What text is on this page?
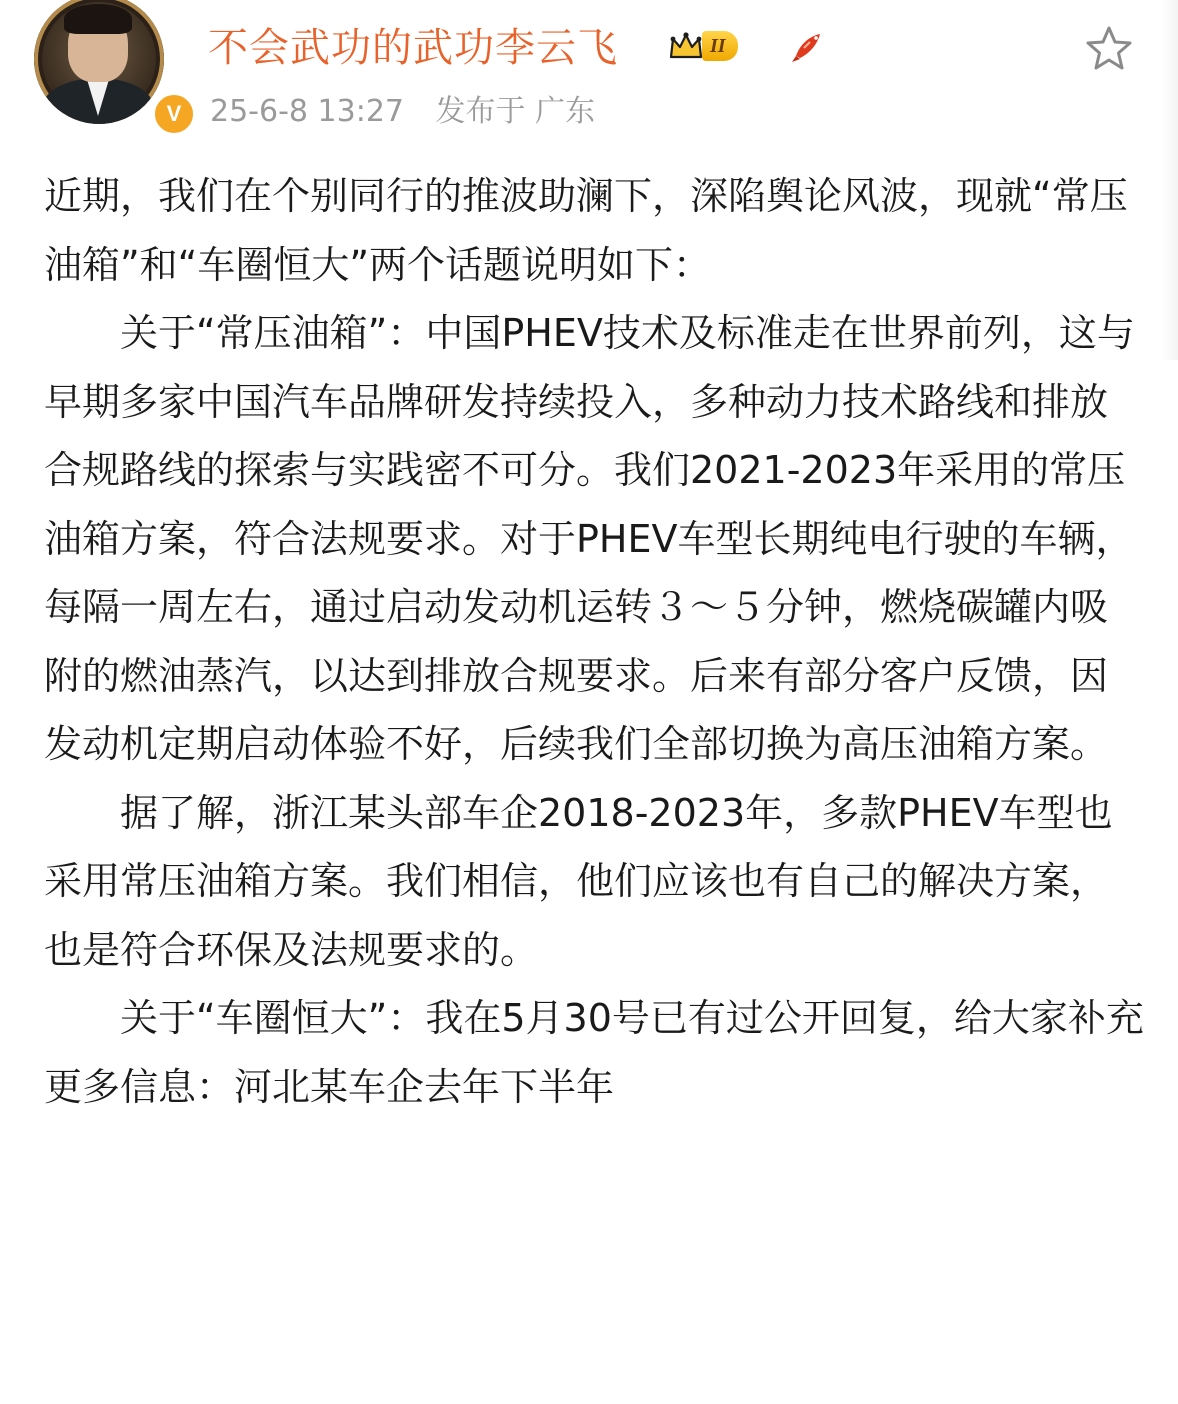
V
不会武功的武功李云飞	II
25-6-8 13:27 发布于 广东

近期，我们在个别同行的推波助澜下，深陷舆论风波，现就“常压油箱”和“车圈恒大”两个话题说明如下：

关于“常压油箱”：中国PHEV技术及标准走在世界前列，这与早期多家中国汽车品牌研发持续投入，多种动力技术路线和排放合规路线的探索与实践密不可分。我们2021-2023年采用的常压油箱方案，符合法规要求。对于PHEV车型长期纯电行驶的车辆，每隔一周左右，通过启动发动机运转３～５分钟，燃烧碳罐内吸附的燃油蒸汽，以达到排放合规要求。后来有部分客户反馈，因发动机定期启动体验不好，后续我们全部切换为高压油箱方案。

据了解，浙江某头部车企2018-2023年，多款PHEV车型也采用常压油箱方案。我们相信，他们应该也有自己的解决方案，也是符合环保及法规要求的。

关于“车圈恒大”：我在5月30号已有过公开回复，给大家补充更多信息：河北某车企去年下半年
